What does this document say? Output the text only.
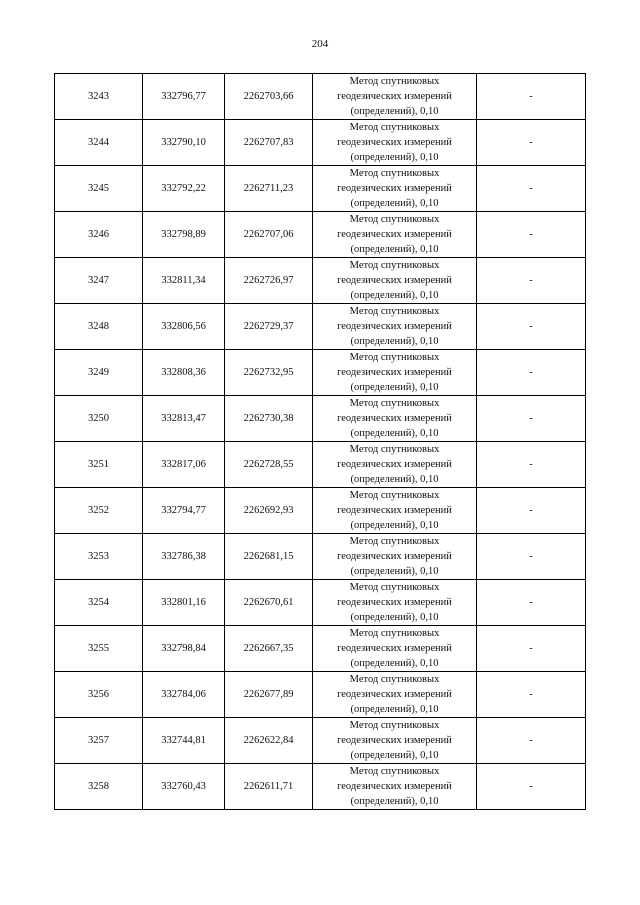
204
3243	332796,77	2262703,66	Метод спутниковых
геодезических измерений
(определений), 0,10	-
3244	332790,10	2262707,83	Метод спутниковых
геодезических измерений
(определений), 0,10	-
3245	332792,22	2262711,23	Метод спутниковых
геодезических измерений
(определений), 0,10	-
3246	332798,89	2262707,06	Метод спутниковых
геодезических измерений
(определений), 0,10	-
3247	332811,34	2262726,97	Метод спутниковых
геодезических измерений
(определений), 0,10	-
3248	332806,56	2262729,37	Метод спутниковых
геодезических измерений
(определений), 0,10	-
3249	332808,36	2262732,95	Метод спутниковых
геодезических измерений
(определений), 0,10	-
3250	332813,47	2262730,38	Метод спутниковых
геодезических измерений
(определений), 0,10	-
3251	332817,06	2262728,55	Метод спутниковых
геодезических измерений
(определений), 0,10	-
3252	332794,77	2262692,93	Метод спутниковых
геодезических измерений
(определений), 0,10	-
3253	332786,38	2262681,15	Метод спутниковых
геодезических измерений
(определений), 0,10	-
3254	332801,16	2262670,61	Метод спутниковых
геодезических измерений
(определений), 0,10	-
3255	332798,84	2262667,35	Метод спутниковых
геодезических измерений
(определений), 0,10	-
3256	332784,06	2262677,89	Метод спутниковых
геодезических измерений
(определений), 0,10	-
3257	332744,81	2262622,84	Метод спутниковых
геодезических измерений
(определений), 0,10	-
3258	332760,43	2262611,71	Метод спутниковых
геодезических измерений
(определений), 0,10	-
